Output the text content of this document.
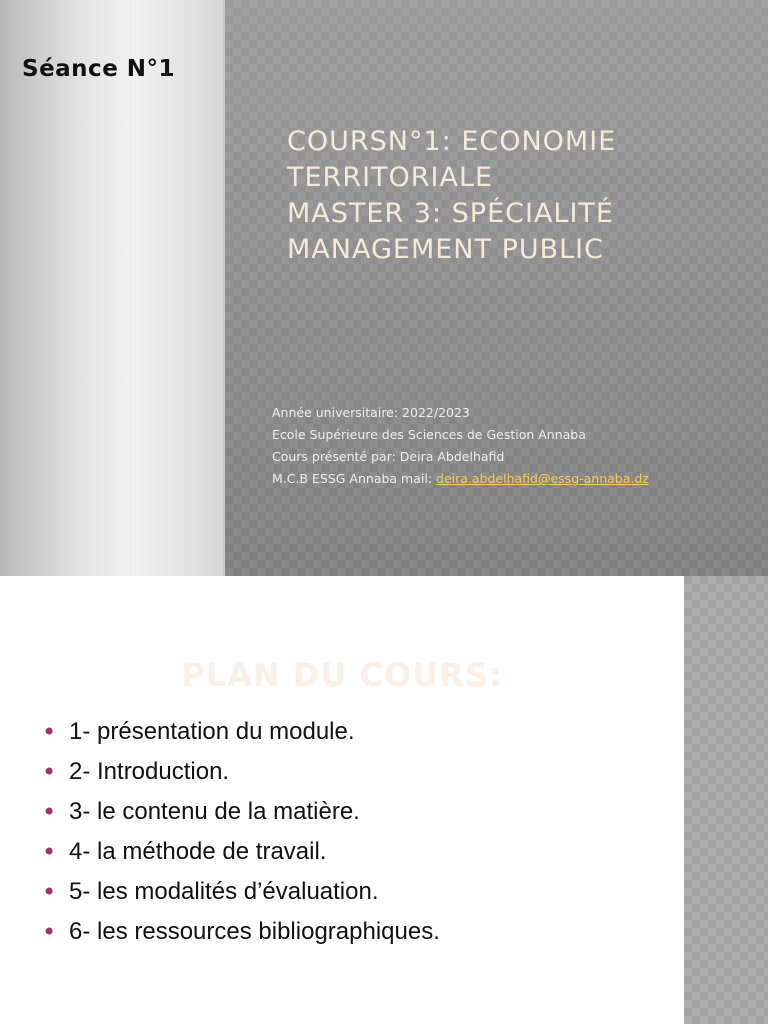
Séance N°1
COURSN°1: ECONOMIE
TERRITORIALE
MASTER 3: SPÉCIALITÉ
MANAGEMENT PUBLIC
Année universitaire: 2022/2023
Ecole Supérieure des Sciences de Gestion Annaba
Cours présenté par: Deira Abdelhafid
M.C.B ESSG Annaba mail: deira.abdelhafid@essg-annaba.dz
PLAN DU COURS:
• 1- présentation du module.
• 2- Introduction.
• 3- le contenu de la matière.
• 4- la méthode de travail.
• 5- les modalités d’évaluation.
• 6- les ressources bibliographiques.
